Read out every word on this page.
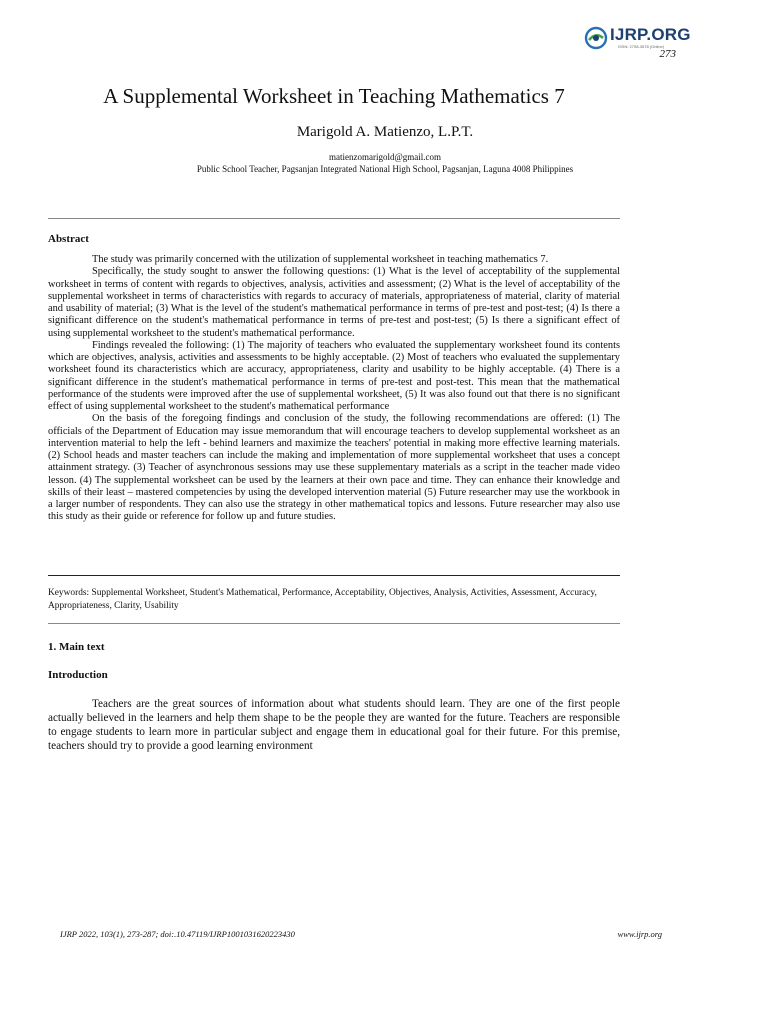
IJRP.ORG
ISSN: 2708-3578 (Online)
273
A Supplemental Worksheet in Teaching Mathematics 7
Marigold A. Matienzo, L.P.T.
matienzomarigold@gmail.com
Public School Teacher, Pagsanjan Integrated National High School, Pagsanjan, Laguna 4008 Philippines
Abstract

The study was primarily concerned with the utilization of supplemental worksheet in teaching mathematics 7.

Specifically, the study sought to answer the following questions: (1) What is the level of acceptability of the supplemental worksheet in terms of content with regards to objectives, analysis, activities and assessment; (2) What is the level of acceptability of the supplemental worksheet in terms of characteristics with regards to accuracy of materials, appropriateness of material, clarity of material and usability of material; (3) What is the level of the student's mathematical performance in terms of pre-test and post-test; (4) Is there a significant difference on the student's mathematical performance in terms of pre-test and post-test; (5) Is there a significant effect of using supplemental worksheet to the student's mathematical performance.

Findings revealed the following: (1) The majority of teachers who evaluated the supplementary worksheet found its contents which are objectives, analysis, activities and assessments to be highly acceptable. (2) Most of teachers who evaluated the supplementary worksheet found its characteristics which are accuracy, appropriateness, clarity and usability to be highly acceptable. (4) There is a significant difference in the student's mathematical performance in terms of pre-test and post-test. This mean that the mathematical performance of the students were improved after the use of supplemental worksheet, (5) It was also found out that there is no significant effect of using supplemental worksheet to the student's mathematical performance

On the basis of the foregoing findings and conclusion of the study, the following recommendations are offered: (1) The officials of the Department of Education may issue memorandum that will encourage teachers to develop supplemental worksheet as an intervention material to help the left - behind learners and maximize the teachers' potential in making more effective learning materials. (2) School heads and master teachers can include the making and implementation of more supplemental worksheet that uses a concept attainment strategy. (3) Teacher of asynchronous sessions may use these supplementary materials as a script in the teacher made video lesson. (4) The supplemental worksheet can be used by the learners at their own pace and time. They can enhance their knowledge and skills of their least – mastered competencies by using the developed intervention material (5) Future researcher may use the workbook in a larger number of respondents. They can also use the strategy in other mathematical topics and lessons. Future researcher may also use this study as their guide or reference for follow up and future studies.

Keywords: Supplemental Worksheet, Student's Mathematical, Performance, Acceptability, Objectives, Analysis, Activities, Assessment, Accuracy, Appropriateness, Clarity, Usability
1. Main text
Introduction

Teachers are the great sources of information about what students should learn. They are one of the first people actually believed in the learners and help them shape to be the people they are wanted for the future. Teachers are responsible to engage students to learn more in particular subject and engage them in educational goal for their future. For this premise, teachers should try to provide a good learning environment

IJRP 2022, 103(1), 273-287; doi:.10.47119/IJRP1001031620223430	www.ijrp.org
